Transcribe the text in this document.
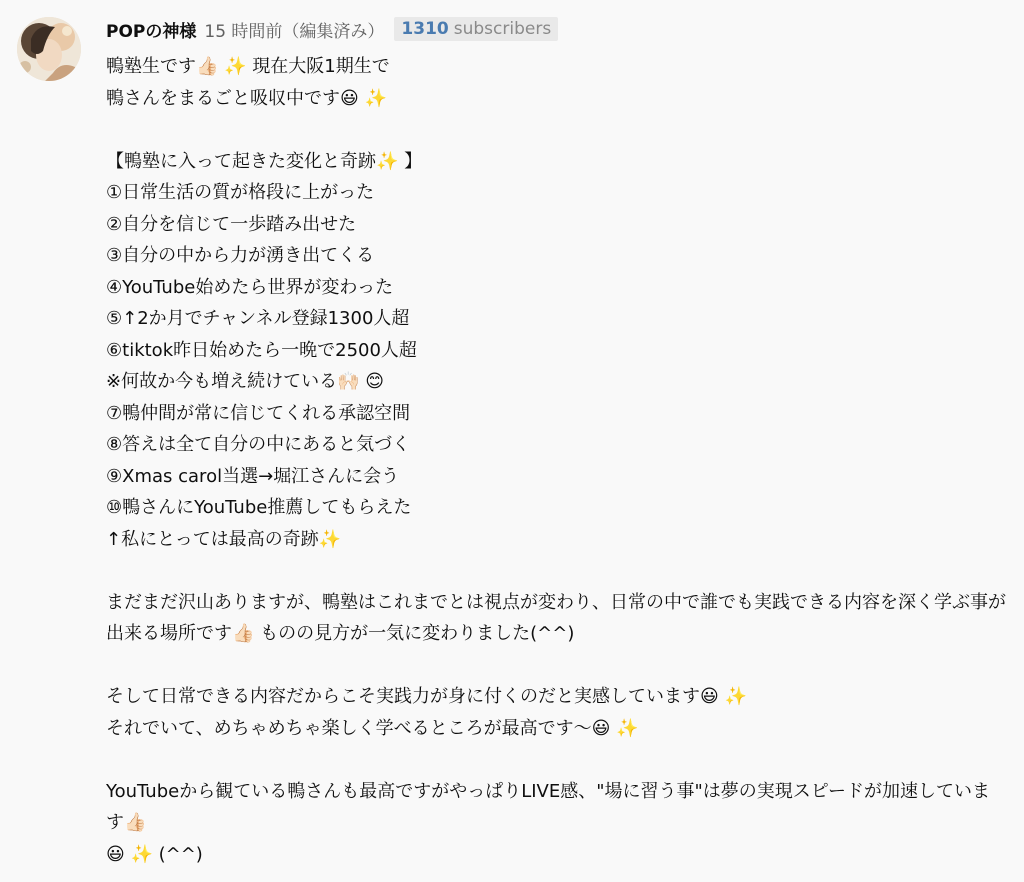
POPの神様 15 時間前（編集済み） 1310 subscribers
鴨塾生です👍🏻 ✨ 現在大阪1期生で
鴨さんをまるごと吸収中です😃 ✨
【鴨塾に入って起きた変化と奇跡✨ 】
①日常生活の質が格段に上がった
②自分を信じて一歩踏み出せた
③自分の中から力が湧き出てくる
④YouTube始めたら世界が変わった
⑤↑2か月でチャンネル登録1300人超
⑥tiktok昨日始めたら一晩で2500人超
※何故か今も増え続けている🙌🏻 😊
⑦鴨仲間が常に信じてくれる承認空間
⑧答えは全て自分の中にあると気づく
⑨Xmas carol当選→堀江さんに会う
⑩鴨さんにYouTube推薦してもらえた
↑私にとっては最高の奇跡✨
まだまだ沢山ありますが、鴨塾はこれまでとは視点が変わり、日常の中で誰でも実践できる内容を深く学ぶ事が出来る場所です👍🏻 ものの見方が一気に変わりました(^^)
そして日常できる内容だからこそ実践力が身に付くのだと実感しています😃 ✨
それでいて、めちゃめちゃ楽しく学べるところが最高です〜😃 ✨
YouTubeから観ている鴨さんも最高ですがやっぱりLIVE感、"場に習う事"は夢の実現スピードが加速しています👍🏻
😃 ✨ (^^)
